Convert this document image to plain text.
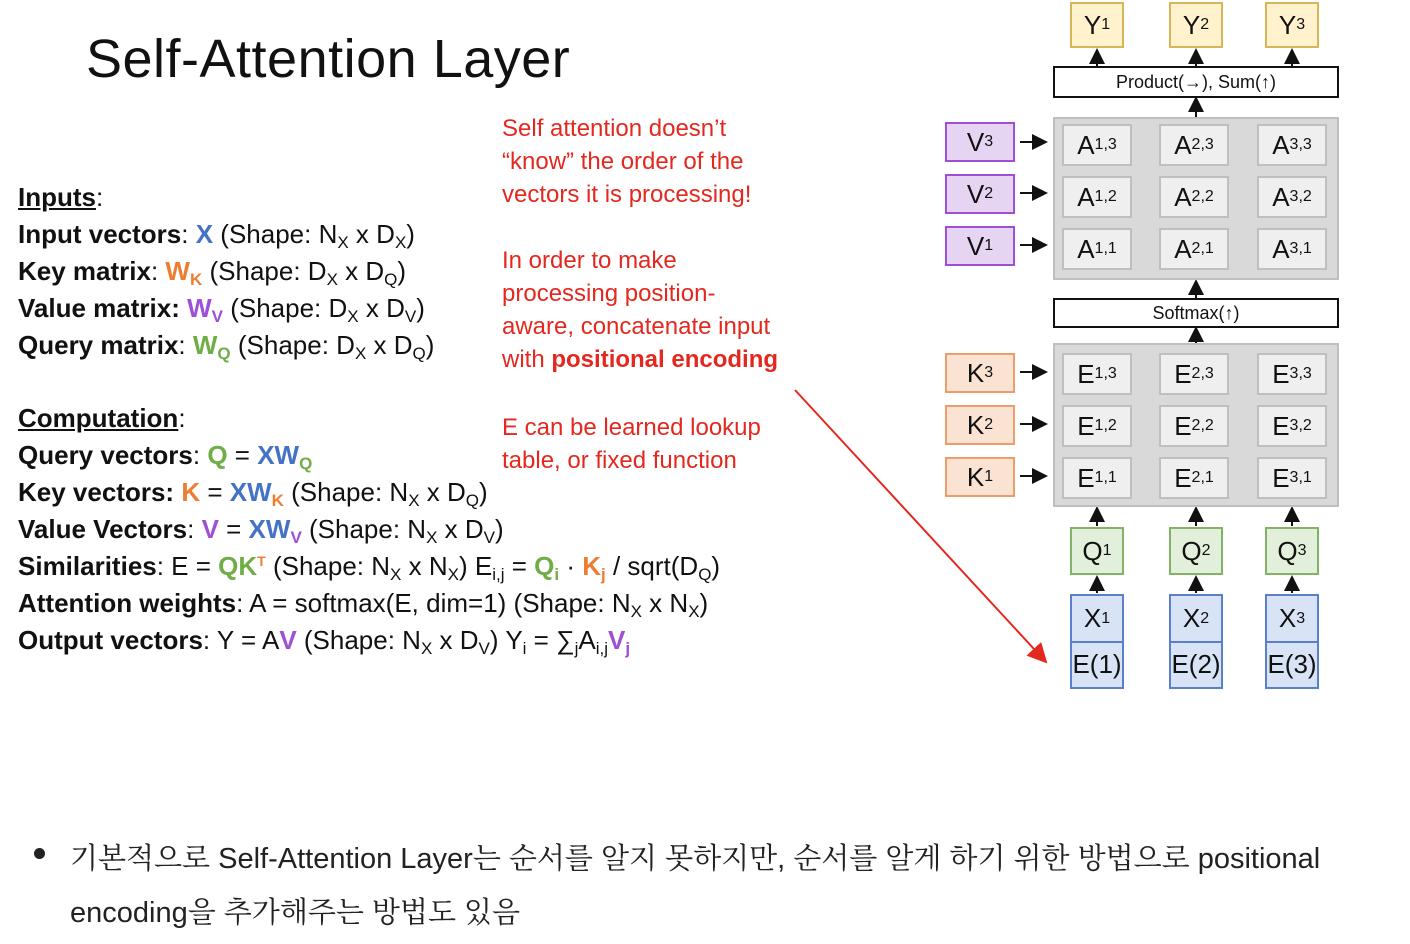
Self-Attention Layer
Inputs:
Input vectors: X (Shape: $N_X$ x $D_X$)
Key matrix: $W_K$ (Shape: $D_X$ x $D_Q$)
Value matrix: $W_V$ (Shape: $D_X$ x $D_V$)
Query matrix: $W_Q$ (Shape: $D_X$ x $D_Q$)
Computation:
Query vectors: $Q = XW_Q$
Key vectors: $K = XW_K$ (Shape: $N_X$ x $D_Q$)
Value Vectors: $V = XW_V$ (Shape: $N_X$ x $D_V$)
Similarities: $E = QK^T$ (Shape: $N_X$ x $N_X$) $E_{i,j} = Q_i \cdot K_j$ / $sqrt(D_Q)$
Attention weights: A = softmax(E, dim=1) (Shape: $N_X$ x $N_X$)
Output vectors: Y = AV (Shape: $N_X$ x $D_V$) $Y_i = \sum_jA_{i,j}V_j$
Self attention doesn’t
“know” the order of the
vectors it is processing!
In order to make
processing position-
aware, concatenate input
with positional encoding
E can be learned lookup
table, or fixed function
Y 1	Y 2	Y 3
Product(→), Sum(↑)
A 1,3 A 2,3 A 3,3
A 1,2 A 2,2 A 3,2
A 1,1 A 2,1 A 3,1
Softmax(↑)
E 1,3 E 2,3 E 3,3
E 1,2 E 2,2 E 3,2
E 1,1 E 2,1 E 3,1
V 3
V 2
V 1
K 3
K 2
K 1
Q 1	Q 2	Q 3
X 1
E(1)
X 2
E(2)
X 3
E(3)
기본적으로 Self-Attention Layer는 순서를 알지 못하지만, 순서를 알게 하기 위한 방법으로 positional
encoding을 추가해주는 방법도 있음
